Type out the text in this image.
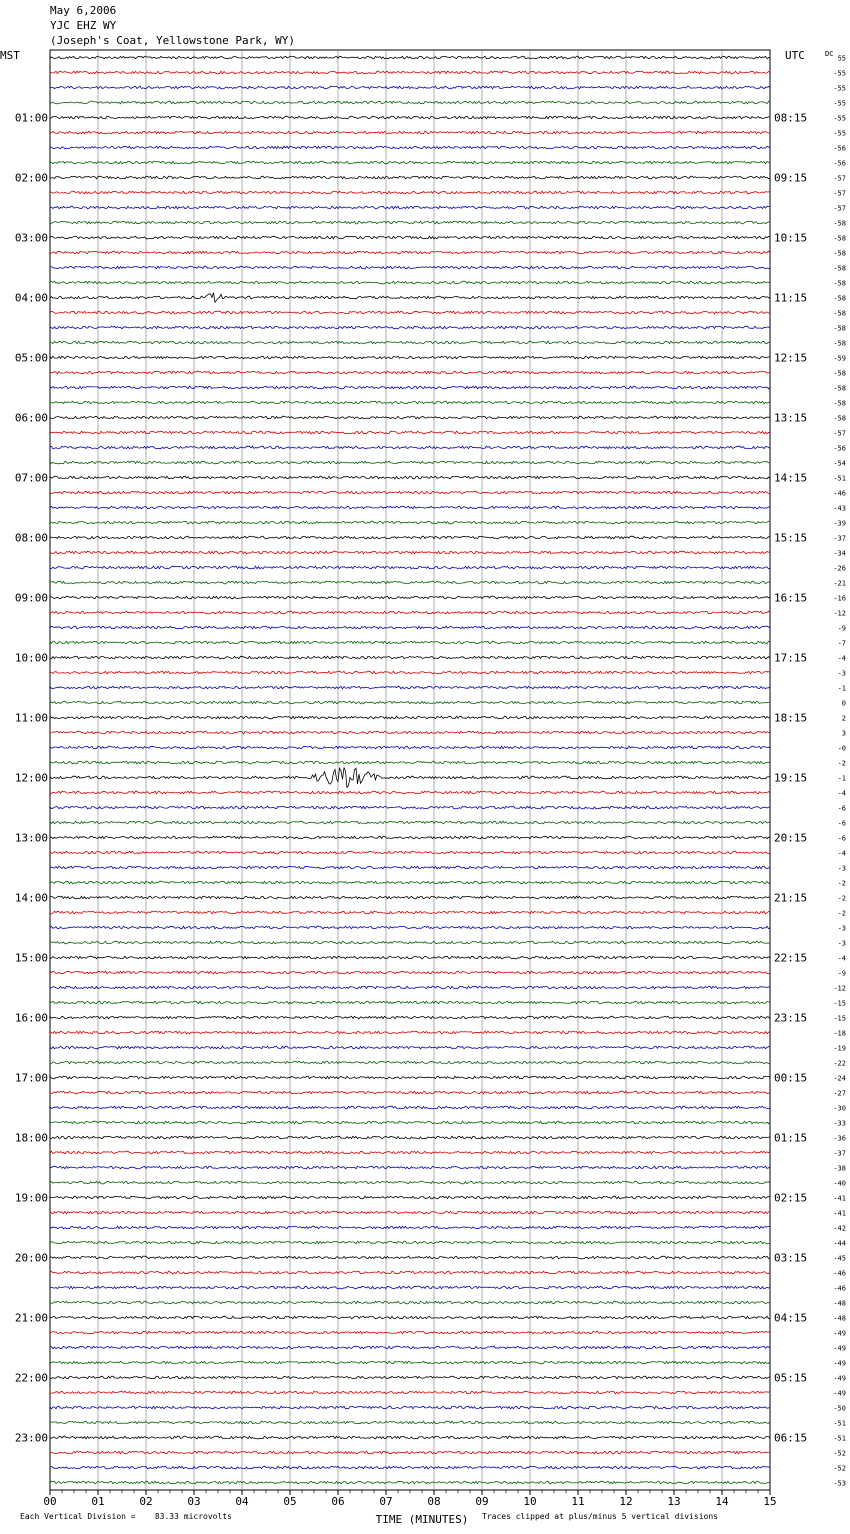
May 6,2006
YJC EHZ WY
(Joseph's Coat, Yellowstone Park, WY)
MST	UTC
01:00
02:00
03:00
04:00
05:00
06:00
07:00
08:00
09:00
10:00
11:00
12:00
13:00
14:00
15:00
16:00
17:00
18:00
19:00
20:00
21:00
22:00
23:00
08:15
09:15
10:15
11:15
12:15
13:15
14:15
15:15
16:15
17:15
18:15
19:15
20:15
21:15
22:15
23:15
00:15
01:15
02:15
03:15
04:15
05:15
06:15
55
-55
-55
-55
-55
-55
-56
-56
-57
-57
-57
-58
-58
-58
-58
-58
-58
-58
-58
-58
-59
-58
-58
-58
-58
-57
-56
-54
-51
-46
-43
-39
-37
-34
-26
-21
-16
-12
-9
-7
-4
-3
-1
0
2
3
-0
-2
-1
-4
-6
-6
-6
-4
-3
-2
-2
-2
-3
-3
-4
-9
-12
-15
-15
-18
-19
-22
-24
-27
-30
-33
-36
-37
-38
-40
-41
-41
-42
-44
-45
-46
-46
-48
-48
-49
-49
-49
-49
-49
-50
-51
-51
-52
-52
-53
00	01	02	03	04	05	06	07	08	09	10	11	12	13	14	15
DC
TIME (MINUTES)
Each Vertical Division =    83.33 microvolts	Traces clipped at plus/minus 5 vertical divisions
